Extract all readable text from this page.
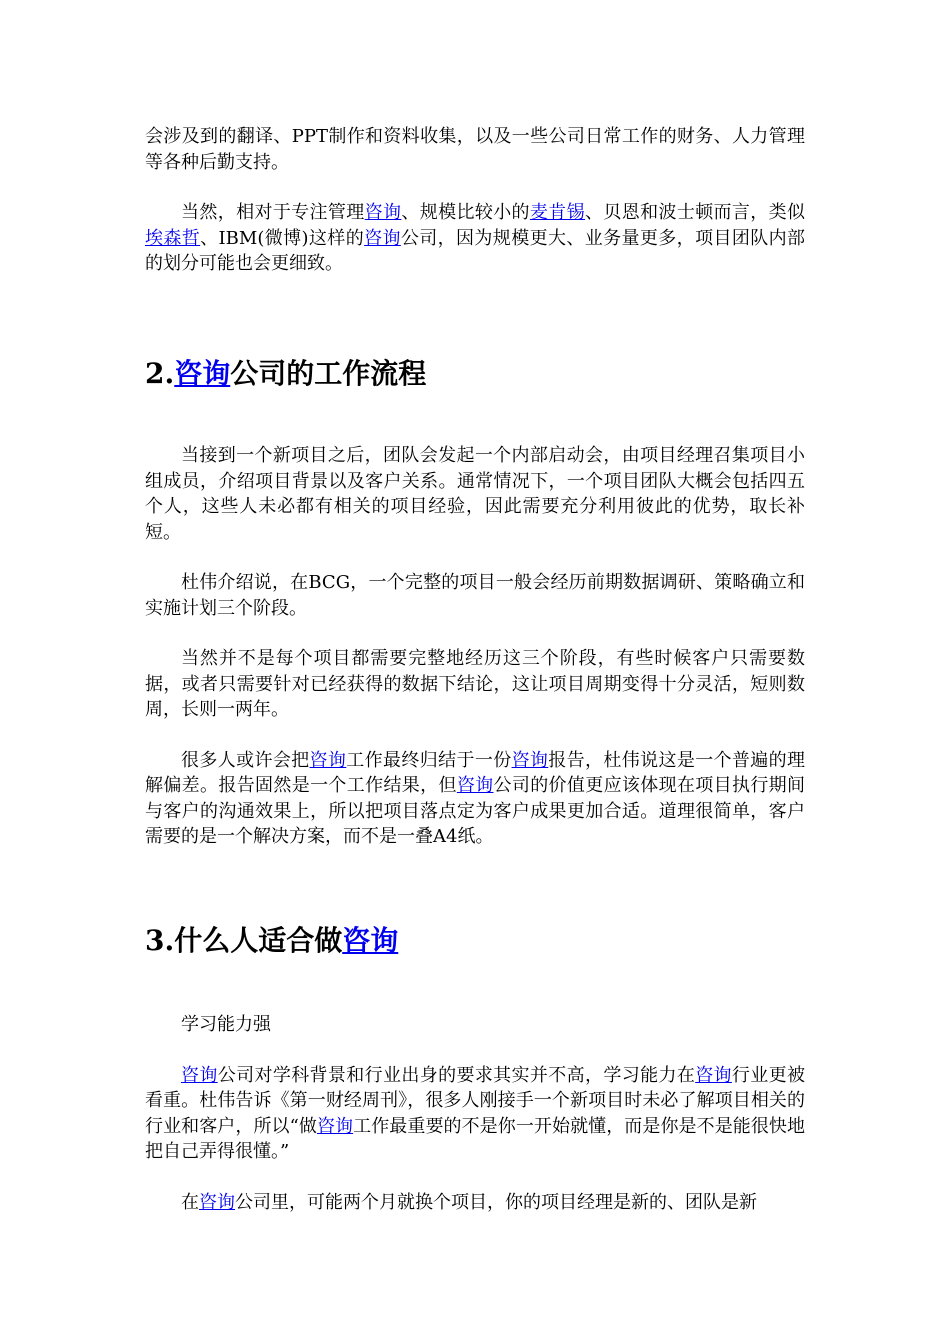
会涉及到的翻译、PPT制作和资料收集，以及一些公司日常工作的财务、人力管理等各种后勤支持。

当然，相对于专注管理咨询、规模比较小的麦肯锡、贝恩和波士顿而言，类似埃森哲、IBM(微博)这样的咨询公司，因为规模更大、业务量更多，项目团队内部的划分可能也会更细致。

2.咨询公司的工作流程

当接到一个新项目之后，团队会发起一个内部启动会，由项目经理召集项目小组成员，介绍项目背景以及客户关系。通常情况下，一个项目团队大概会包括四五个人，这些人未必都有相关的项目经验，因此需要充分利用彼此的优势，取长补短。

杜伟介绍说，在BCG，一个完整的项目一般会经历前期数据调研、策略确立和实施计划三个阶段。

当然并不是每个项目都需要完整地经历这三个阶段，有些时候客户只需要数据，或者只需要针对已经获得的数据下结论，这让项目周期变得十分灵活，短则数周，长则一两年。

很多人或许会把咨询工作最终归结于一份咨询报告，杜伟说这是一个普遍的理解偏差。报告固然是一个工作结果，但咨询公司的价值更应该体现在项目执行期间与客户的沟通效果上，所以把项目落点定为客户成果更加合适。道理很简单，客户需要的是一个解决方案，而不是一叠A4纸。

3.什么人适合做咨询

学习能力强

咨询公司对学科背景和行业出身的要求其实并不高，学习能力在咨询行业更被看重。杜伟告诉《第一财经周刊》，很多人刚接手一个新项目时未必了解项目相关的行业和客户，所以“做咨询工作最重要的不是你一开始就懂，而是你是不是能很快地把自己弄得很懂。”

在咨询公司里，可能两个月就换个项目，你的项目经理是新的、团队是新
